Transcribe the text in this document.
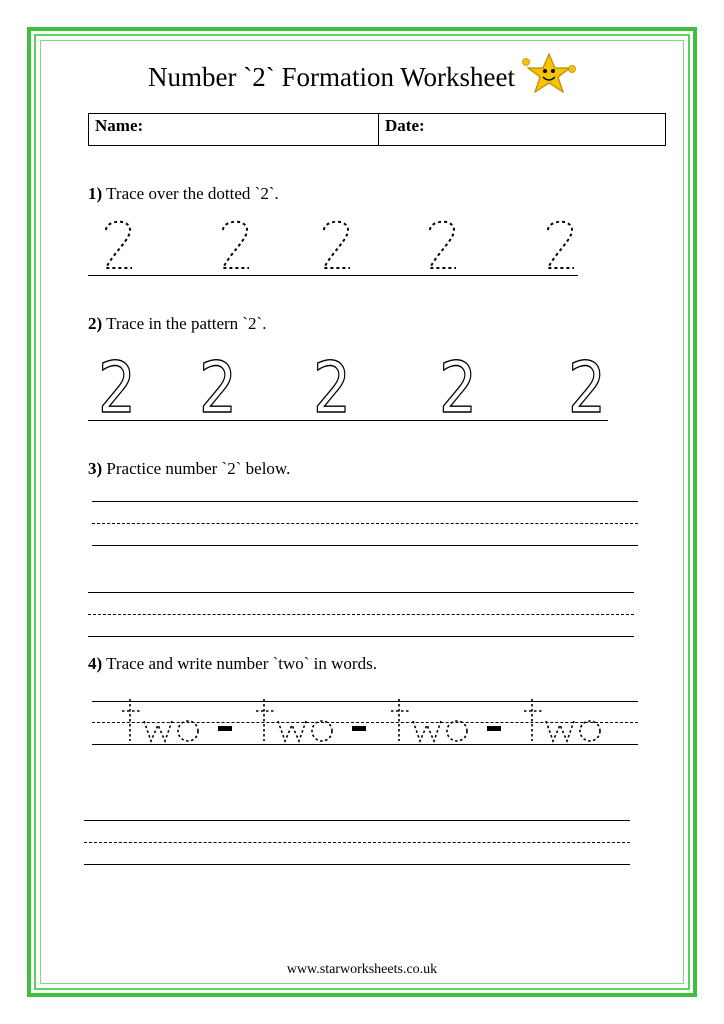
Number `2` Formation Worksheet
Name:	Date:
1) Trace over the dotted `2`.
2) Trace in the pattern `2`.
2 2 2 2 2
3) Practice number `2` below.
4) Trace and write number `two` in words.
www.starworksheets.co.uk
